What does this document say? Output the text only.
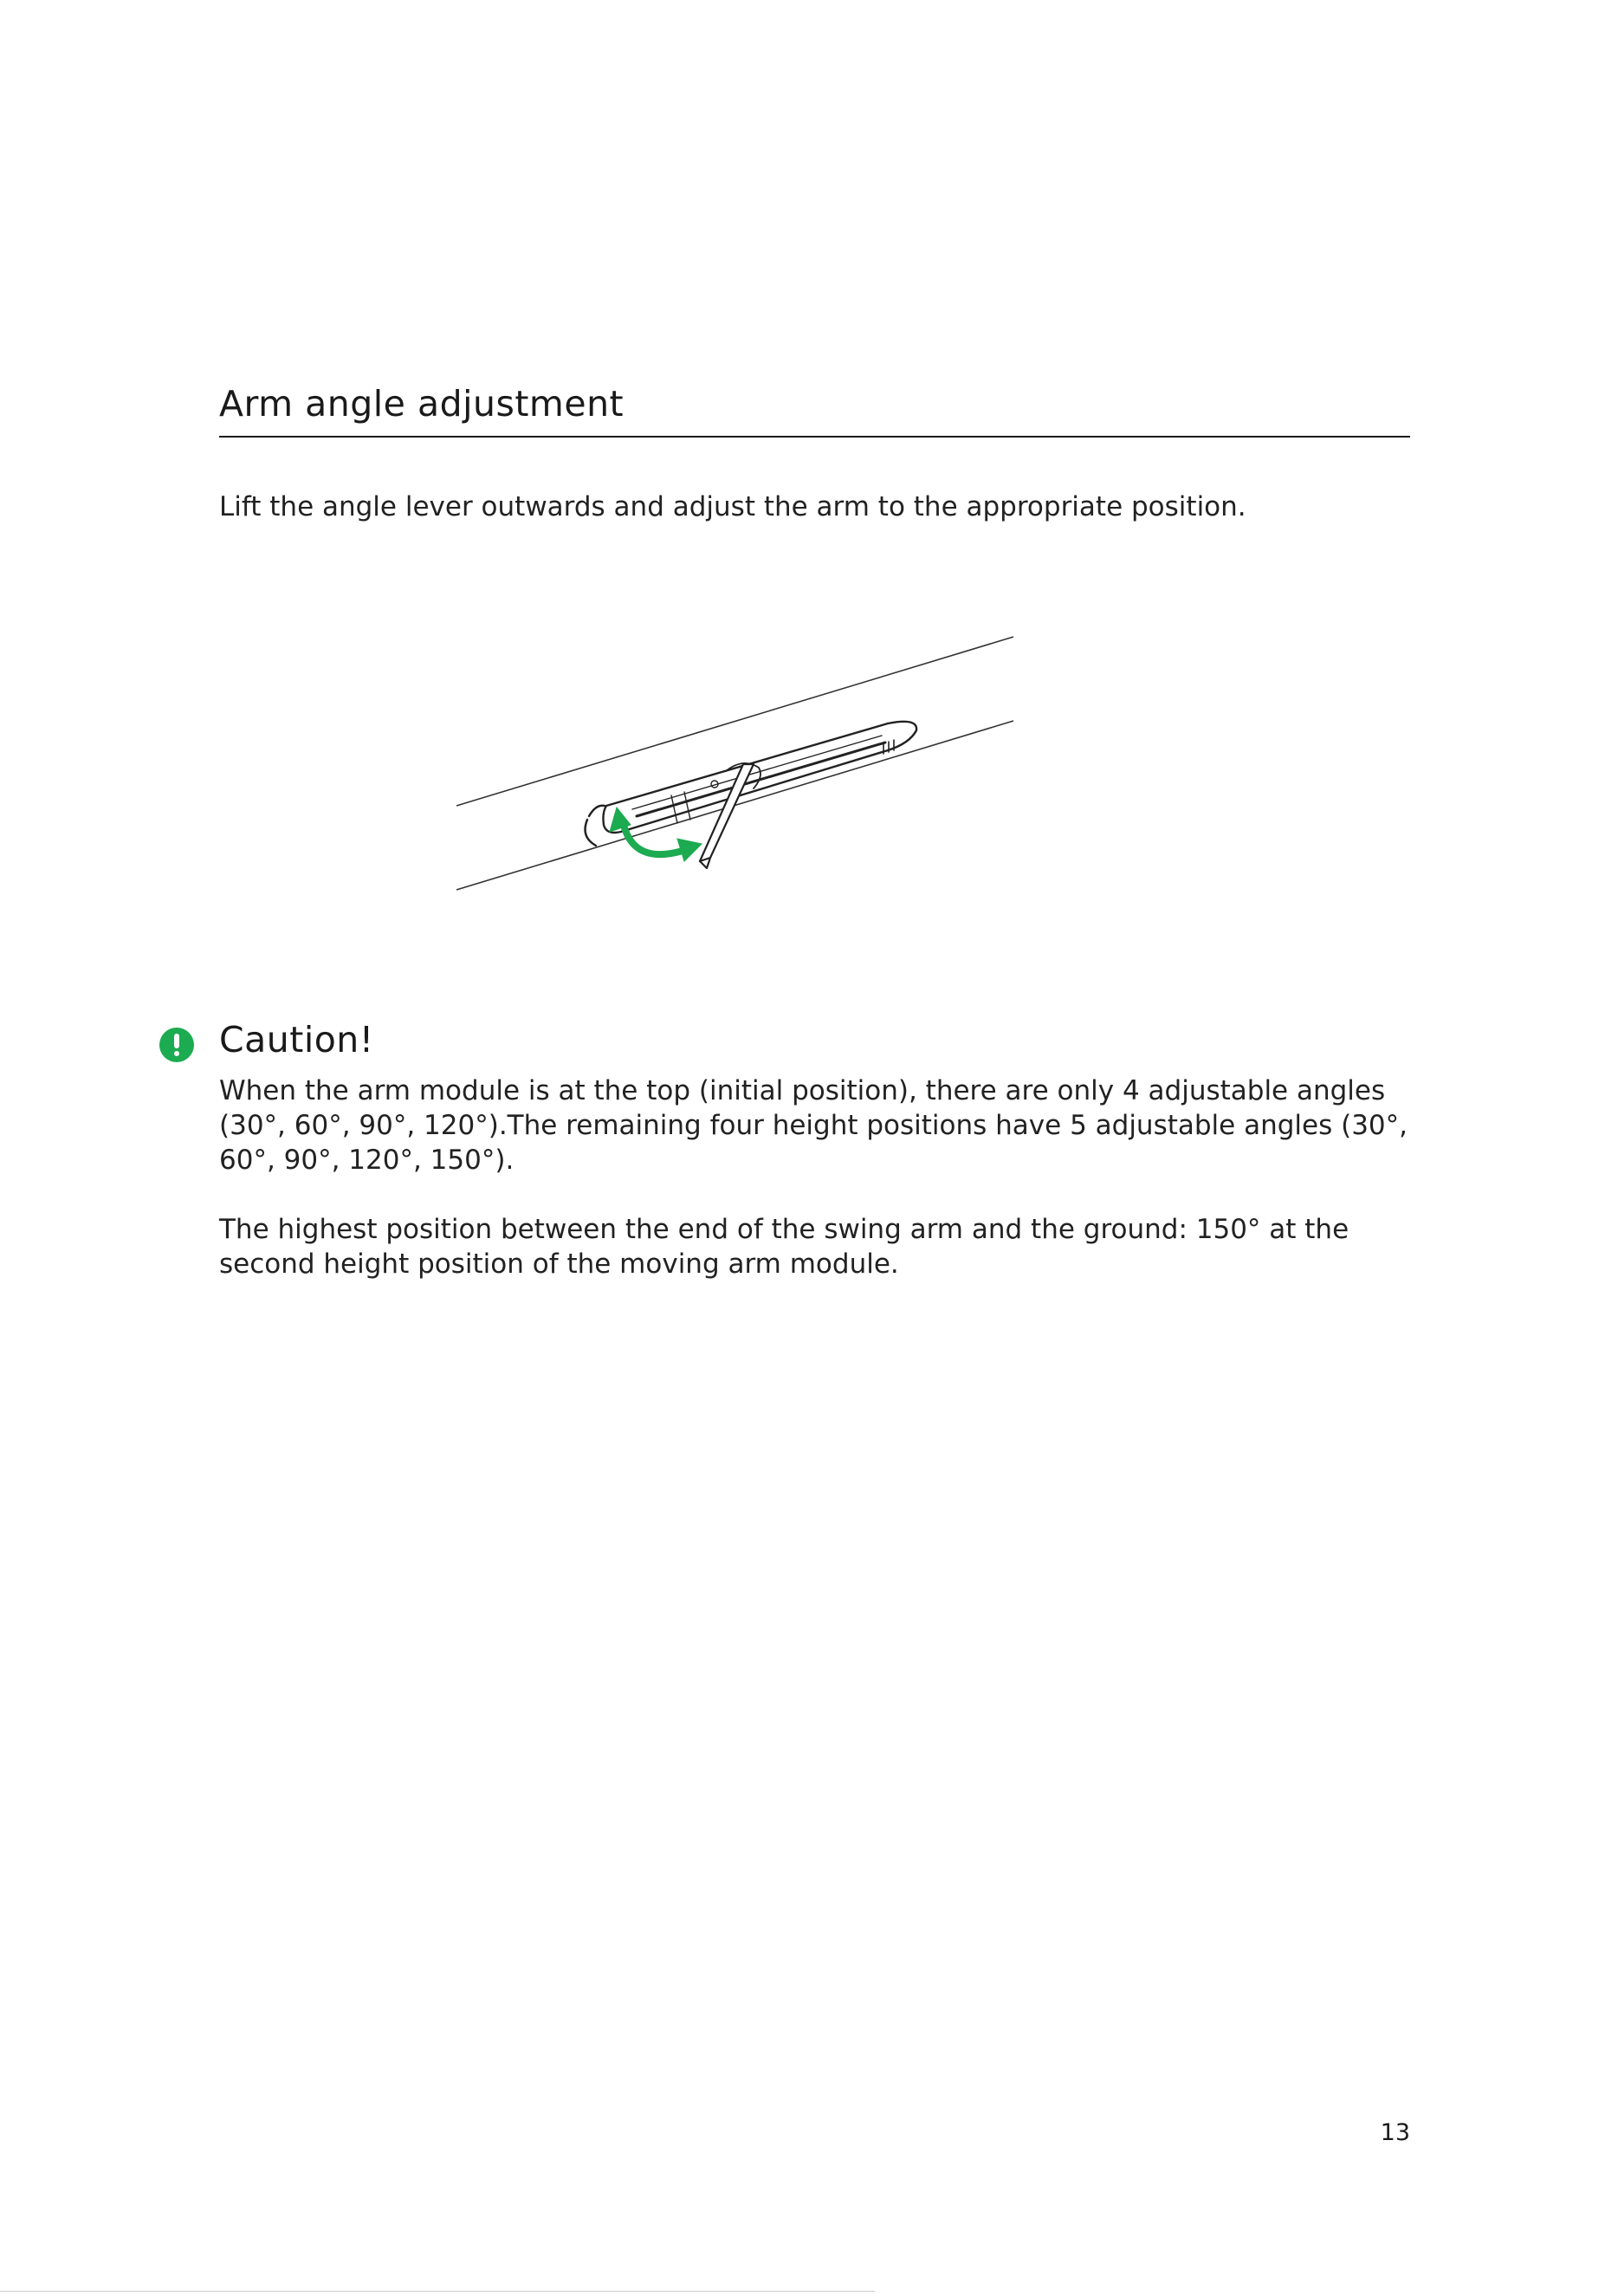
Arm angle adjustment

Lift the angle lever outwards and adjust the arm to the appropriate position.

Caution!

When the arm module is at the top (initial position), there are only 4 adjustable angles (30°, 60°, 90°, 120°).The remaining four height positions have 5 adjustable angles (30°, 60°, 90°, 120°, 150°).

The highest position between the end of the swing arm and the ground: 150° at the second height position of the moving arm module.

13
